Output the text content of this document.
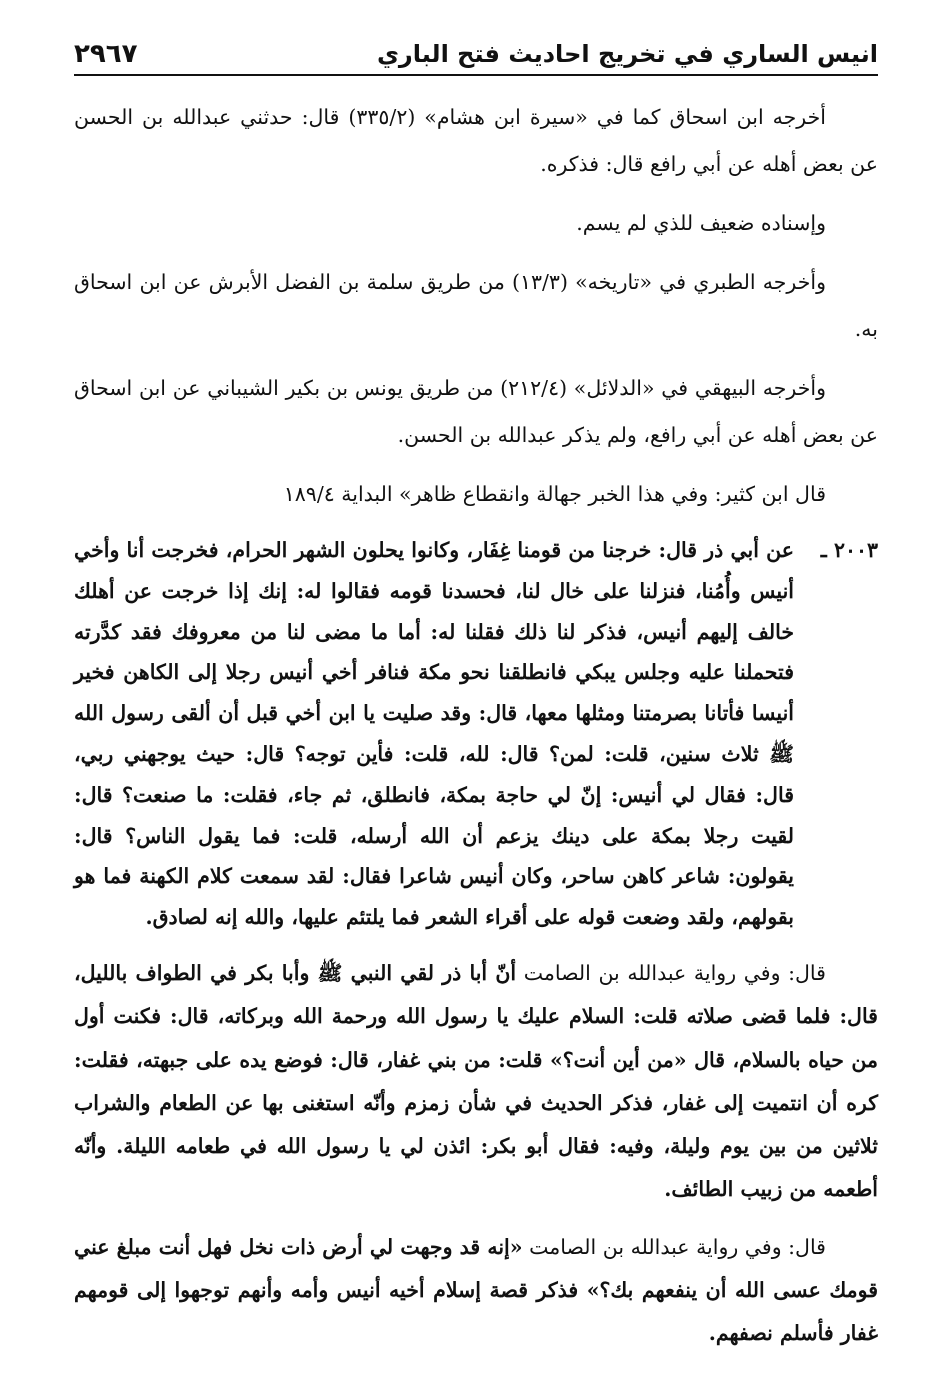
انيس الساري في تخريج احاديث فتح الباري
٢٩٦٧

أخرجه ابن اسحاق كما في «سيرة ابن هشام» (٣٣٥/٢) قال: حدثني عبدالله بن الحسن عن بعض أهله عن أبي رافع قال: فذكره.

وإسناده ضعيف للذي لم يسم.

وأخرجه الطبري في «تاريخه» (١٣/٣) من طريق سلمة بن الفضل الأبرش عن ابن اسحاق به.

وأخرجه البيهقي في «الدلائل» (٢١٢/٤) من طريق يونس بن بكير الشيباني عن ابن اسحاق عن بعض أهله عن أبي رافع، ولم يذكر عبدالله بن الحسن.

قال ابن كثير: وفي هذا الخبر جهالة وانقطاع ظاهر» البداية ١٨٩/٤

٢٠٠٣ ـعن أبي ذر قال: خرجنا من قومنا غِفَار، وكانوا يحلون الشهر الحرام، فخرجت أنا وأخي أنيس وأُمُنا، فنزلنا على خال لنا، فحسدنا قومه فقالوا له: إنك إذا خرجت عن أهلك خالف إليهم أنيس، فذكر لنا ذلك فقلنا له: أما ما مضى لنا من معروفك فقد كدَّرته فتحملنا عليه وجلس يبكي فانطلقنا نحو مكة فنافر أخي أنيس رجلا إلى الكاهن فخير أنيسا فأتانا بصرمتنا ومثلها معها، قال: وقد صليت يا ابن أخي قبل أن ألقى رسول الله ﷺ ثلاث سنين، قلت: لمن؟ قال: لله، قلت: فأين توجه؟ قال: حيث يوجهني ربي، قال: فقال لي أنيس: إنّ لي حاجة بمكة، فانطلق، ثم جاء، فقلت: ما صنعت؟ قال: لقيت رجلا بمكة على دينك يزعم أن الله أرسله، قلت: فما يقول الناس؟ قال: يقولون: شاعر كاهن ساحر، وكان أنيس شاعرا فقال: لقد سمعت كلام الكهنة فما هو بقولهم، ولقد وضعت قوله على أقراء الشعر فما يلتئم عليها، والله إنه لصادق.

قال: وفي رواية عبدالله بن الصامت أنّ أبا ذر لقي النبي ﷺ وأبا بكر في الطواف بالليل، قال: فلما قضى صلاته قلت: السلام عليك يا رسول الله ورحمة الله وبركاته، قال: فكنت أول من حياه بالسلام، قال «من أين أنت؟» قلت: من بني غفار، قال: فوضع يده على جبهته، فقلت: كره أن انتميت إلى غفار، فذكر الحديث في شأن زمزم وأنّه استغنى بها عن الطعام والشراب ثلاثين من بين يوم وليلة، وفيه: فقال أبو بكر: ائذن لي يا رسول الله في طعامه الليلة. وأنّه أطعمه من زبيب الطائف.

قال: وفي رواية عبدالله بن الصامت «إنه قد وجهت لي أرض ذات نخل فهل أنت مبلغ عني قومك عسى الله أن ينفعهم بك؟» فذكر قصة إسلام أخيه أنيس وأمه وأنهم توجهوا إلى قومهم غفار فأسلم نصفهم.
